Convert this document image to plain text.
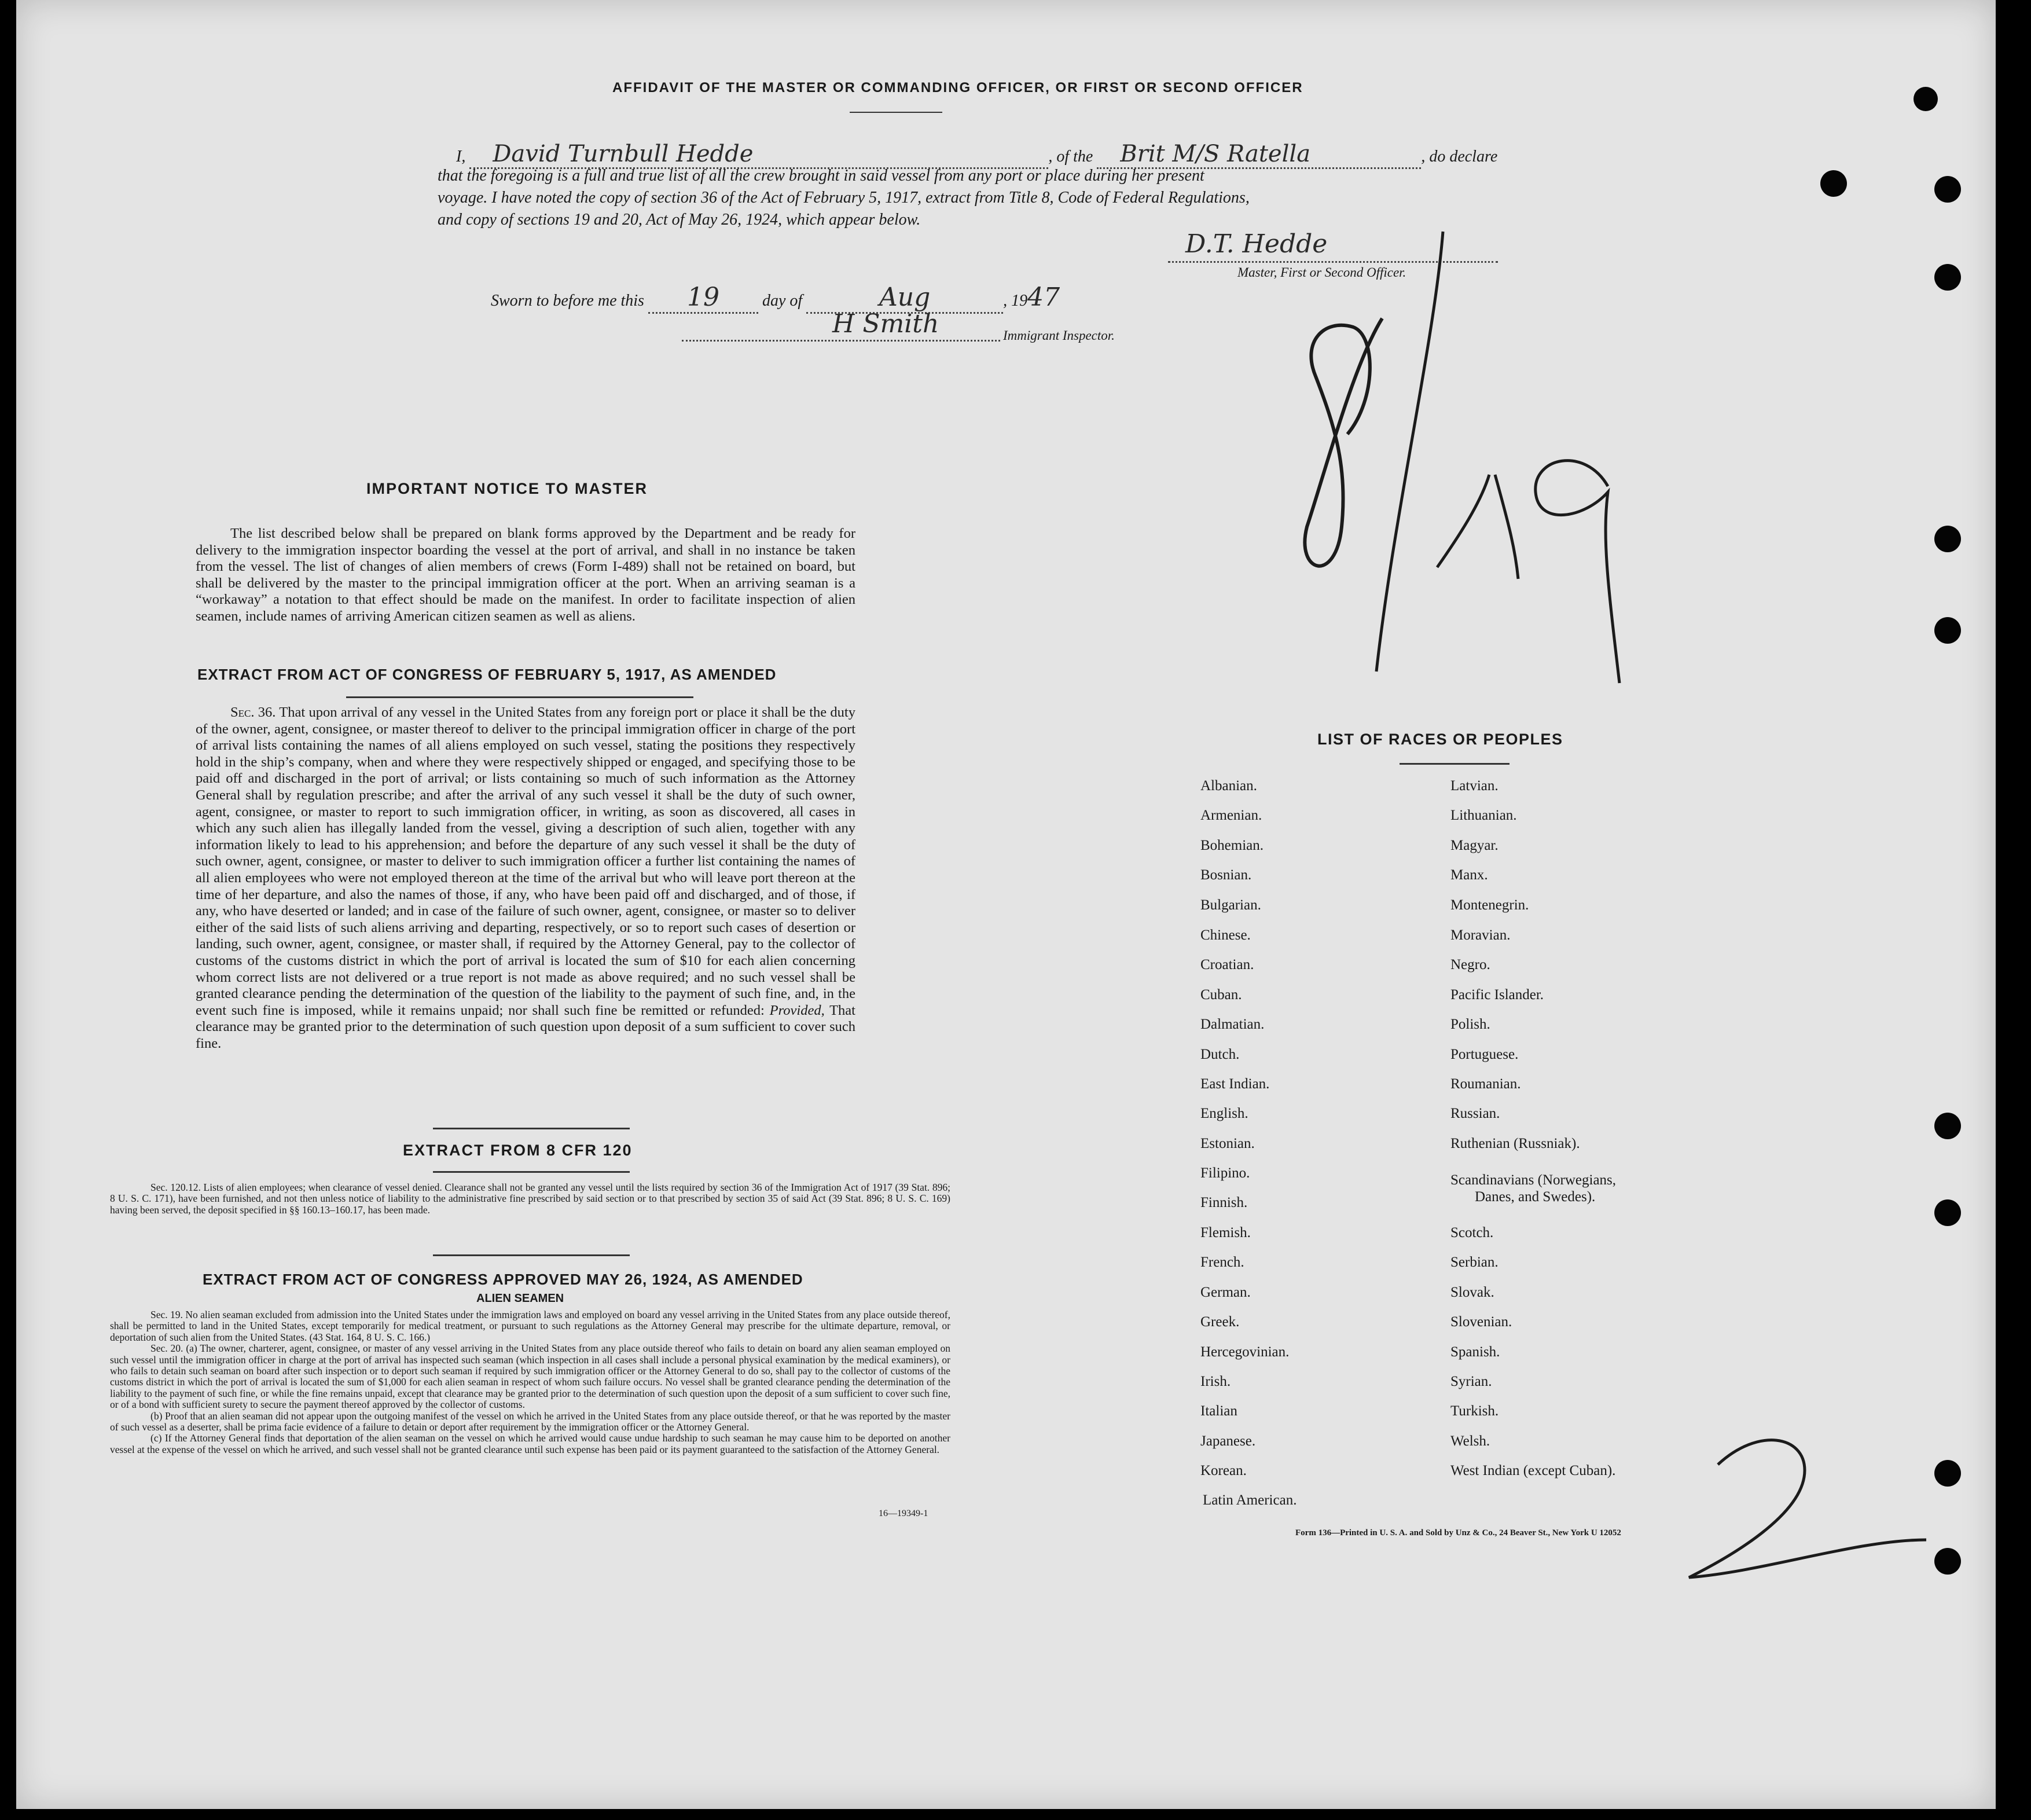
AFFIDAVIT OF THE MASTER OR COMMANDING OFFICER, OR FIRST OR SECOND OFFICER
I, David Turnbull Hedde	, of the Brit M/S Ratella	, do declare
that the foregoing is a full and true list of all the crew brought in said vessel from any port or place during her present
voyage. I have noted the copy of section 36 of the Act of February 5, 1917, extract from Title 8, Code of Federal Regulations,
and copy of sections 19 and 20, Act of May 26, 1924, which appear below.
D.T. Hedde
Master, First or Second Officer.
Sworn to before me this 19	day of	Aug	, 1947
H Smith	Immigrant Inspector.
IMPORTANT NOTICE TO MASTER
The list described below shall be prepared on blank forms approved by the Department and be ready for delivery to the immigration inspector boarding the vessel at the port of arrival, and shall in no instance be taken from the vessel. The list of changes of alien members of crews (Form I-489) shall not be retained on board, but shall be delivered by the master to the principal immigration officer at the port. When an arriving seaman is a “workaway” a notation to that effect should be made on the manifest. In order to facilitate inspection of alien seamen, include names of arriving American citizen seamen as well as aliens.
EXTRACT FROM ACT OF CONGRESS OF FEBRUARY 5, 1917, AS AMENDED
Sec. 36. That upon arrival of any vessel in the United States from any foreign port or place it shall be the duty of the owner, agent, consignee, or master thereof to deliver to the principal immigration officer in charge of the port of arrival lists containing the names of all aliens employed on such vessel, stating the positions they respectively hold in the ship’s company, when and where they were respectively shipped or engaged, and specifying those to be paid off and discharged in the port of arrival; or lists containing so much of such information as the Attorney General shall by regulation prescribe; and after the arrival of any such vessel it shall be the duty of such owner, agent, consignee, or master to report to such immigration officer, in writing, as soon as discovered, all cases in which any such alien has illegally landed from the vessel, giving a description of such alien, together with any information likely to lead to his apprehension; and before the departure of any such vessel it shall be the duty of such owner, agent, consignee, or master to deliver to such immigration officer a further list containing the names of all alien employees who were not employed thereon at the time of the arrival but who will leave port thereon at the time of her departure, and also the names of those, if any, who have been paid off and discharged, and of those, if any, who have deserted or landed; and in case of the failure of such owner, agent, consignee, or master so to deliver either of the said lists of such aliens arriving and departing, respectively, or so to report such cases of desertion or landing, such owner, agent, consignee, or master shall, if required by the Attorney General, pay to the collector of customs of the customs district in which the port of arrival is located the sum of $10 for each alien concerning whom correct lists are not delivered or a true report is not made as above required; and no such vessel shall be granted clearance pending the determination of the question of the liability to the payment of such fine, and, in the event such fine is imposed, while it remains unpaid; nor shall such fine be remitted or refunded: Provided, That clearance may be granted prior to the determination of such question upon deposit of a sum sufficient to cover such fine.
EXTRACT FROM 8 CFR 120
Sec. 120.12. Lists of alien employees; when clearance of vessel denied. Clearance shall not be granted any vessel until the lists required by section 36 of the Immigration Act of 1917 (39 Stat. 896; 8 U. S. C. 171), have been furnished, and not then unless notice of liability to the administrative fine prescribed by said section or to that prescribed by section 35 of said Act (39 Stat. 896; 8 U. S. C. 169) having been served, the deposit specified in §§ 160.13–160.17, has been made.
EXTRACT FROM ACT OF CONGRESS APPROVED MAY 26, 1924, AS AMENDED
ALIEN SEAMEN
Sec. 19. No alien seaman excluded from admission into the United States under the immigration laws and employed on board any vessel arriving in the United States from any place outside thereof, shall be permitted to land in the United States, except temporarily for medical treatment, or pursuant to such regulations as the Attorney General may prescribe for the ultimate departure, removal, or deportation of such alien from the United States. (43 Stat. 164, 8 U. S. C. 166.)
Sec. 20. (a) The owner, charterer, agent, consignee, or master of any vessel arriving in the United States from any place outside thereof who fails to detain on board any alien seaman employed on such vessel until the immigration officer in charge at the port of arrival has inspected such seaman (which inspection in all cases shall include a personal physical examination by the medical examiners), or who fails to detain such seaman on board after such inspection or to deport such seaman if required by such immigration officer or the Attorney General to do so, shall pay to the collector of customs of the customs district in which the port of arrival is located the sum of $1,000 for each alien seaman in respect of whom such failure occurs. No vessel shall be granted clearance pending the determination of the liability to the payment of such fine, or while the fine remains unpaid, except that clearance may be granted prior to the determination of such question upon the deposit of a sum sufficient to cover such fine, or of a bond with sufficient surety to secure the payment thereof approved by the collector of customs.
(b) Proof that an alien seaman did not appear upon the outgoing manifest of the vessel on which he arrived in the United States from any place outside thereof, or that he was reported by the master of such vessel as a deserter, shall be prima facie evidence of a failure to detain or deport after requirement by the immigration officer or the Attorney General.
(c) If the Attorney General finds that deportation of the alien seaman on the vessel on which he arrived would cause undue hardship to such seaman he may cause him to be deported on another vessel at the expense of the vessel on which he arrived, and such vessel shall not be granted clearance until such expense has been paid or its payment guaranteed to the satisfaction of the Attorney General.
16—19349-1
LIST OF RACES OR PEOPLES
Albanian.
Armenian.
Bohemian.
Bosnian.
Bulgarian.
Chinese.
Croatian.
Cuban.
Dalmatian.
Dutch.
East Indian.
English.
Estonian.
Filipino.
Finnish.
Flemish.
French.
German.
Greek.
Hercegovinian.
Irish.
Italian
Japanese.
Korean.
Latin American.
Latvian.
Lithuanian.
Magyar.
Manx.
Montenegrin.
Moravian.
Negro.
Pacific Islander.
Polish.
Portuguese.
Roumanian.
Russian.
Ruthenian (Russniak).
Scandinavians (Norwegians,
Danes, and Swedes).
Scotch.
Serbian.
Slovak.
Slovenian.
Spanish.
Syrian.
Turkish.
Welsh.
West Indian (except Cuban).
Form 136—Printed in U. S. A. and Sold by Unz & Co., 24 Beaver St., New York U 12052
8/19
2
